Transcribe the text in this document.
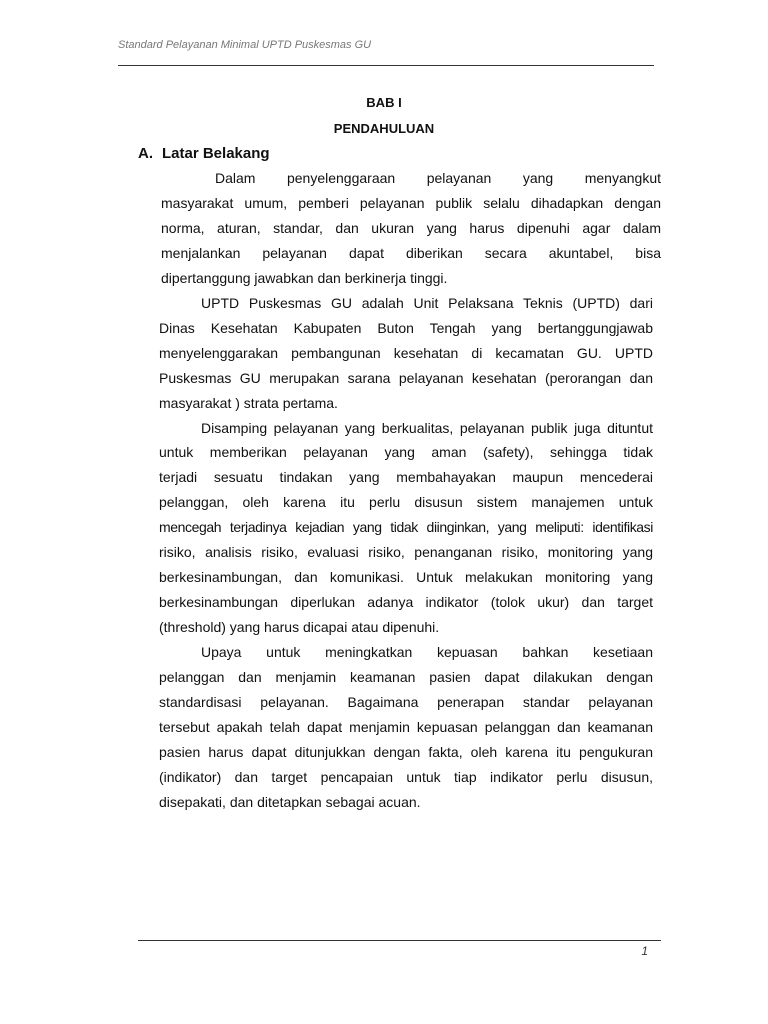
Standard Pelayanan Minimal UPTD Puskesmas GU
BAB I
PENDAHULUAN
A. Latar Belakang
Dalam penyelenggaraan pelayanan yang menyangkut
masyarakat umum, pemberi pelayanan publik selalu dihadapkan dengan
norma, aturan, standar, dan ukuran yang harus dipenuhi agar dalam
menjalankan pelayanan dapat diberikan secara akuntabel, bisa
dipertanggung jawabkan dan berkinerja tinggi.
UPTD Puskesmas GU adalah Unit Pelaksana Teknis (UPTD) dari
Dinas Kesehatan Kabupaten Buton Tengah yang bertanggungjawab
menyelenggarakan pembangunan kesehatan di kecamatan GU. UPTD
Puskesmas GU merupakan sarana pelayanan kesehatan (perorangan dan
masyarakat ) strata pertama.
Disamping pelayanan yang berkualitas, pelayanan publik juga dituntut
untuk memberikan pelayanan yang aman (safety), sehingga tidak
terjadi sesuatu tindakan yang membahayakan maupun mencederai
pelanggan, oleh karena itu perlu disusun sistem manajemen untuk
mencegah terjadinya kejadian yang tidak diinginkan, yang meliputi: identifikasi
risiko, analisis risiko, evaluasi risiko, penanganan risiko, monitoring yang
berkesinambungan, dan komunikasi. Untuk melakukan monitoring yang
berkesinambungan diperlukan adanya indikator (tolok ukur) dan target
(threshold) yang harus dicapai atau dipenuhi.
Upaya untuk meningkatkan kepuasan bahkan kesetiaan
pelanggan dan menjamin keamanan pasien dapat dilakukan dengan
standardisasi pelayanan. Bagaimana penerapan standar pelayanan
tersebut apakah telah dapat menjamin kepuasan pelanggan dan keamanan
pasien harus dapat ditunjukkan dengan fakta, oleh karena itu pengukuran
(indikator) dan target pencapaian untuk tiap indikator perlu disusun,
disepakati, dan ditetapkan sebagai acuan.
1
